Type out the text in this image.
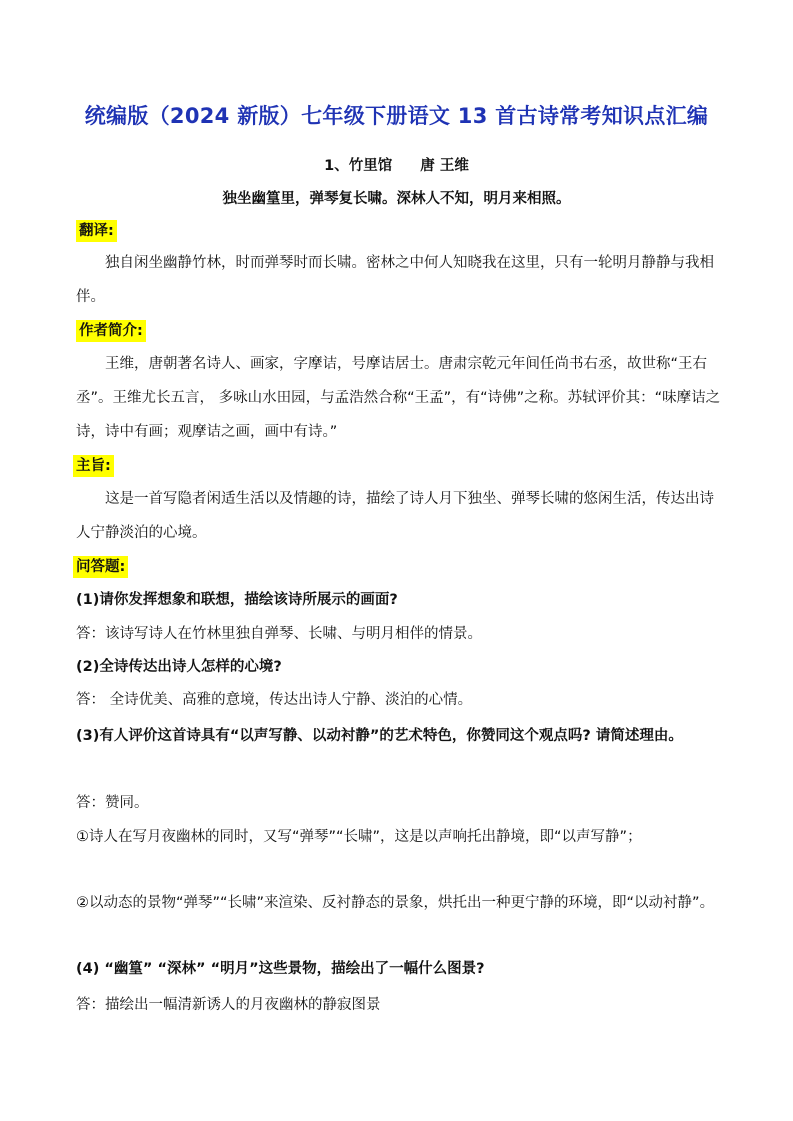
统编版（2024 新版）七年级下册语文 13 首古诗常考知识点汇编
1、竹里馆 唐 王维
独坐幽篁里，弹琴复长啸。深林人不知，明月来相照。
翻译:
独自闲坐幽静竹林，时而弹琴时而长啸。密林之中何人知晓我在这里，只有一轮明月静静与我相伴。
作者简介:
王维，唐朝著名诗人、画家，字摩诘，号摩诘居士。唐肃宗乾元年间任尚书右丞，故世称“王右丞”。王维尤长五言， 多咏山水田园，与孟浩然合称“王孟”，有“诗佛”之称。苏轼评价其：“味摩诘之诗，诗中有画；观摩诘之画，画中有诗。”
主旨:
这是一首写隐者闲适生活以及情趣的诗，描绘了诗人月下独坐、弹琴长啸的悠闲生活，传达出诗人宁静淡泊的心境。
问答题:
(1)请你发挥想象和联想，描绘该诗所展示的画面?
答：该诗写诗人在竹林里独自弹琴、长啸、与明月相伴的情景。
(2)全诗传达出诗人怎样的心境?
答： 全诗优美、高雅的意境，传达出诗人宁静、淡泊的心情。
(3)有人评价这首诗具有“以声写静、以动衬静”的艺术特色，你赞同这个观点吗? 请简述理由。
答：赞同。
①诗人在写月夜幽林的同时，又写“弹琴”“长啸”，这是以声响托出静境，即“以声写静”；
②以动态的景物“弹琴”“长啸”来渲染、反衬静态的景象，烘托出一种更宁静的环境，即“以动衬静”。
(4) “幽篁” “深林” “明月”这些景物，描绘出了一幅什么图景?
答：描绘出一幅清新诱人的月夜幽林的静寂图景
